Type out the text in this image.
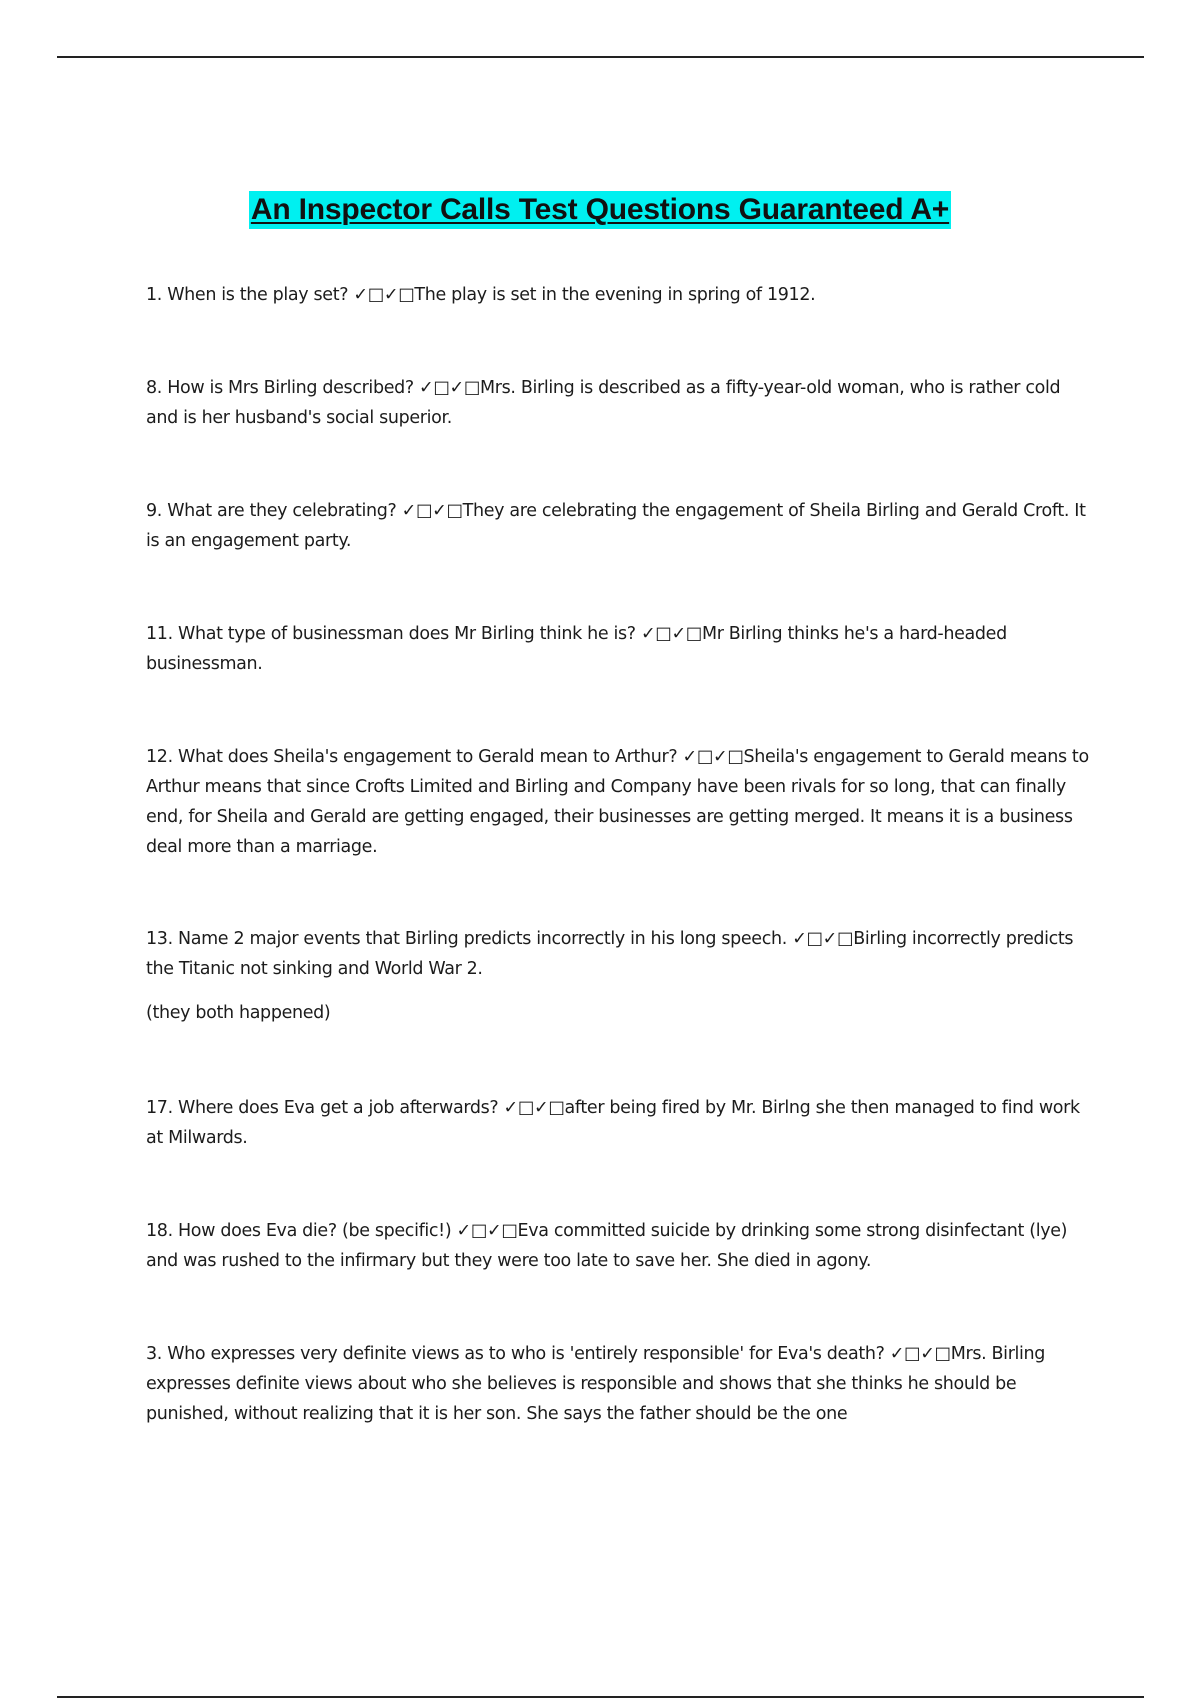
An Inspector Calls Test Questions Guaranteed A+

1. When is the play set? ✓□✓□The play is set in the evening in spring of 1912.

8. How is Mrs Birling described? ✓□✓□Mrs. Birling is described as a fifty-year-old woman, who is rather cold and is her husband's social superior.

9. What are they celebrating? ✓□✓□They are celebrating the engagement of Sheila Birling and Gerald Croft. It is an engagement party.

11. What type of businessman does Mr Birling think he is? ✓□✓□Mr Birling thinks he's a hard-headed businessman.

12. What does Sheila's engagement to Gerald mean to Arthur? ✓□✓□Sheila's engagement to Gerald means to Arthur means that since Crofts Limited and Birling and Company have been rivals for so long, that can finally end, for Sheila and Gerald are getting engaged, their businesses are getting merged. It means it is a business deal more than a marriage.

13. Name 2 major events that Birling predicts incorrectly in his long speech. ✓□✓□Birling incorrectly predicts the Titanic not sinking and World War 2.

(they both happened)

17. Where does Eva get a job afterwards? ✓□✓□after being fired by Mr. Birlng she then managed to find work at Milwards.

18. How does Eva die? (be specific!) ✓□✓□Eva committed suicide by drinking some strong disinfectant (lye) and was rushed to the infirmary but they were too late to save her. She died in agony.

3. Who expresses very definite views as to who is 'entirely responsible' for Eva's death? ✓□✓□Mrs. Birling expresses definite views about who she believes is responsible and shows that she thinks he should be punished, without realizing that it is her son. She says the father should be the one
